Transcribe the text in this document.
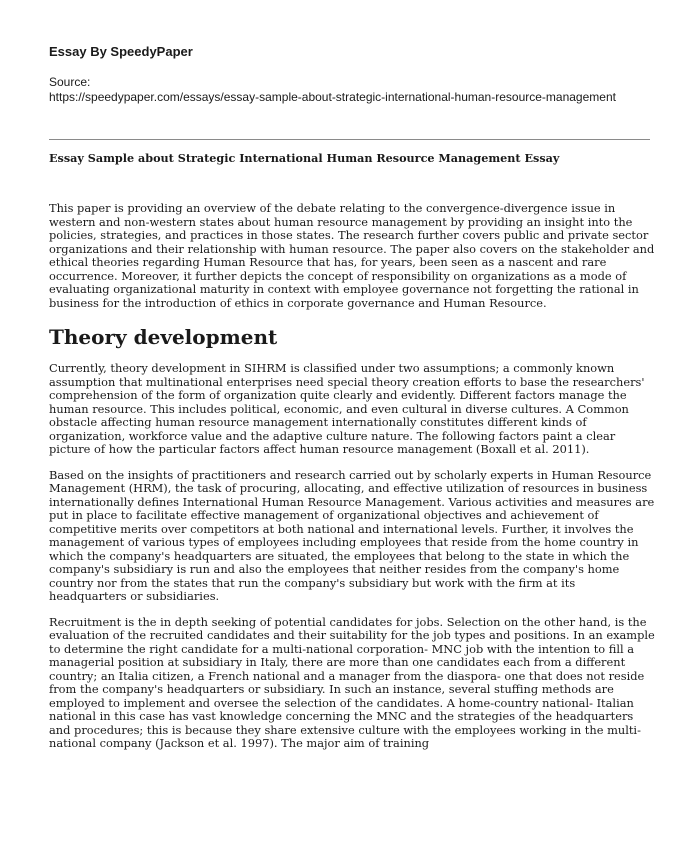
Essay By SpeedyPaper

Source:
https://speedypaper.com/essays/essay-sample-about-strategic-international-human-resource-management

Essay Sample about Strategic International Human Resource Management Essay

This paper is providing an overview of the debate relating to the convergence-divergence issue in western and non-western states about human resource management by providing an insight into the policies, strategies, and practices in those states. The research further covers public and private sector organizations and their relationship with human resource. The paper also covers on the stakeholder and ethical theories regarding Human Resource that has, for years, been seen as a nascent and rare occurrence. Moreover, it further depicts the concept of responsibility on organizations as a mode of evaluating organizational maturity in context with employee governance not forgetting the rational in business for the introduction of ethics in corporate governance and Human Resource.

Theory development

Currently, theory development in SIHRM is classified under two assumptions; a commonly known assumption that multinational enterprises need special theory creation efforts to base the researchers' comprehension of the form of organization quite clearly and evidently. Different factors manage the human resource. This includes political, economic, and even cultural in diverse cultures. A Common obstacle affecting human resource management internationally constitutes different kinds of organization, workforce value and the adaptive culture nature. The following factors paint a clear picture of how the particular factors affect human resource management (Boxall et al. 2011).

Based on the insights of practitioners and research carried out by scholarly experts in Human Resource Management (HRM), the task of procuring, allocating, and effective utilization of resources in business internationally defines International Human Resource Management. Various activities and measures are put in place to facilitate effective management of organizational objectives and achievement of competitive merits over competitors at both national and international levels. Further, it involves the management of various types of employees including employees that reside from the home country in which the company's headquarters are situated, the employees that belong to the state in which the company's subsidiary is run and also the employees that neither resides from the company's home country nor from the states that run the company's subsidiary but work with the firm at its headquarters or subsidiaries.

Recruitment is the in depth seeking of potential candidates for jobs. Selection on the other hand, is the evaluation of the recruited candidates and their suitability for the job types and positions. In an example to determine the right candidate for a multi-national corporation- MNC job with the intention to fill a managerial position at subsidiary in Italy, there are more than one candidates each from a different country; an Italia citizen, a French national and a manager from the diaspora- one that does not reside from the company's headquarters or subsidiary. In such an instance, several stuffing methods are employed to implement and oversee the selection of the candidates. A home-country national- Italian national in this case has vast knowledge concerning the MNC and the strategies of the headquarters and procedures; this is because they share extensive culture with the employees working in the multi-national company (Jackson et al. 1997). The major aim of training
